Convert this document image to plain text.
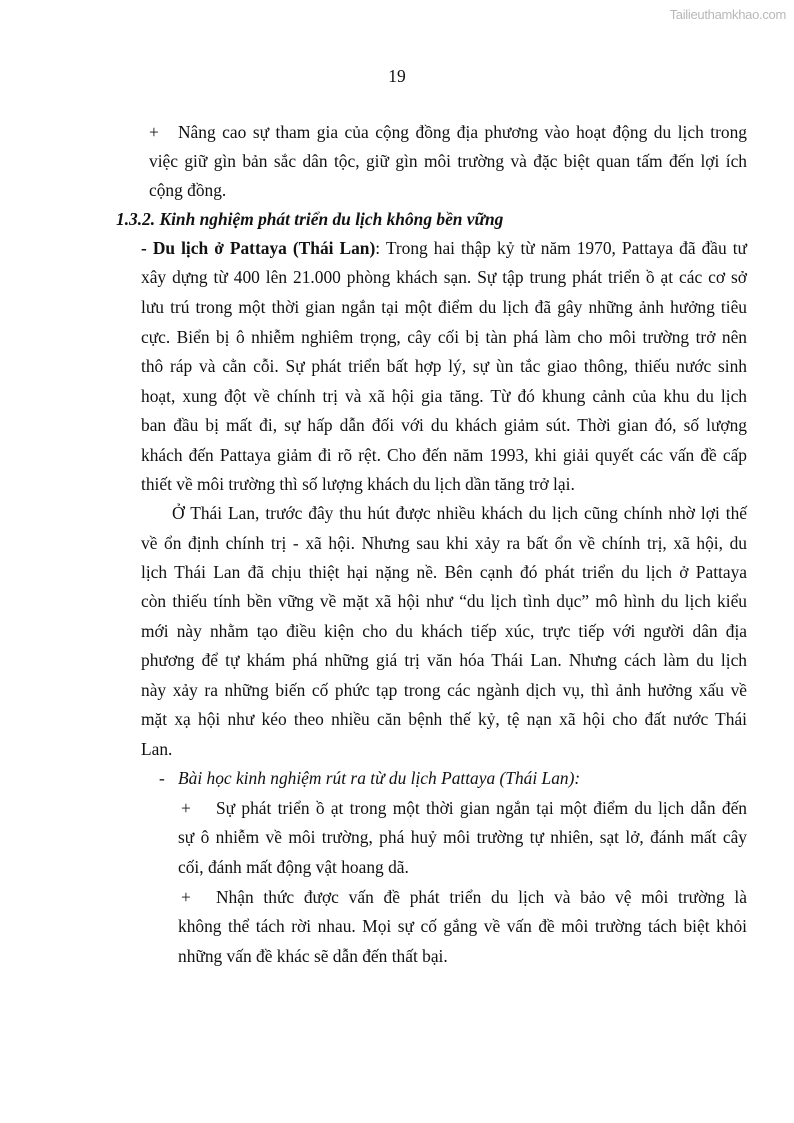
Tailieuthamkhao.com
19
+ Nâng cao sự tham gia của cộng đồng địa phương vào hoạt động du lịch trong
việc giữ gìn bản sắc dân tộc, giữ gìn môi trường và đặc biệt quan tấm đến lợi ích
cộng đồng.
1.3.2. Kinh nghiệm phát triển du lịch không bền vững
- Du lịch ở Pattaya (Thái Lan): Trong hai thập kỷ từ năm 1970, Pattaya đã đầu tư
xây dựng từ 400 lên 21.000 phòng khách sạn. Sự tập trung phát triển ồ ạt các cơ sở
lưu trú trong một thời gian ngắn tại một điểm du lịch đã gây những ảnh hưởng tiêu
cực. Biển bị ô nhiễm nghiêm trọng, cây cối bị tàn phá làm cho môi trường trở nên
thô ráp và cằn cỗi. Sự phát triển bất hợp lý, sự ùn tắc giao thông, thiếu nước sinh
hoạt, xung đột về chính trị và xã hội gia tăng. Từ đó khung cảnh của khu du lịch
ban đầu bị mất đi, sự hấp dẫn đối với du khách giảm sút. Thời gian đó, số lượng
khách đến Pattaya giảm đi rõ rệt. Cho đến năm 1993, khi giải quyết các vấn đề cấp
thiết về môi trường thì số lượng khách du lịch dần tăng trở lại.
Ở Thái Lan, trước đây thu hút được nhiều khách du lịch cũng chính nhờ lợi thế
về ổn định chính trị - xã hội. Nhưng sau khi xảy ra bất ổn về chính trị, xã hội, du
lịch Thái Lan đã chịu thiệt hại nặng nề. Bên cạnh đó phát triển du lịch ở Pattaya
còn thiếu tính bền vững về mặt xã hội như “du lịch tình dục” mô hình du lịch kiểu
mới này nhằm tạo điều kiện cho du khách tiếp xúc, trực tiếp với người dân địa
phương để tự khám phá những giá trị văn hóa Thái Lan. Nhưng cách làm du lịch
này xảy ra những biến cố phức tạp trong các ngành dịch vụ, thì ảnh hưởng xấu về
mặt xạ hội như kéo theo nhiều căn bệnh thế kỷ, tệ nạn xã hội cho đất nước Thái
Lan.
- Bài học kinh nghiệm rút ra từ du lịch Pattaya (Thái Lan):
+ Sự phát triển ồ ạt trong một thời gian ngắn tại một điểm du lịch dẫn đến
sự ô nhiễm về môi trường, phá huỷ môi trường tự nhiên, sạt lở, đánh mất cây
cối, đánh mất động vật hoang dã.
+ Nhận thức được vấn đề phát triển du lịch và bảo vệ môi trường là
không thể tách rời nhau. Mọi sự cố gắng về vấn đề môi trường tách biệt khỏi
những vấn đề khác sẽ dẫn đến thất bại.
